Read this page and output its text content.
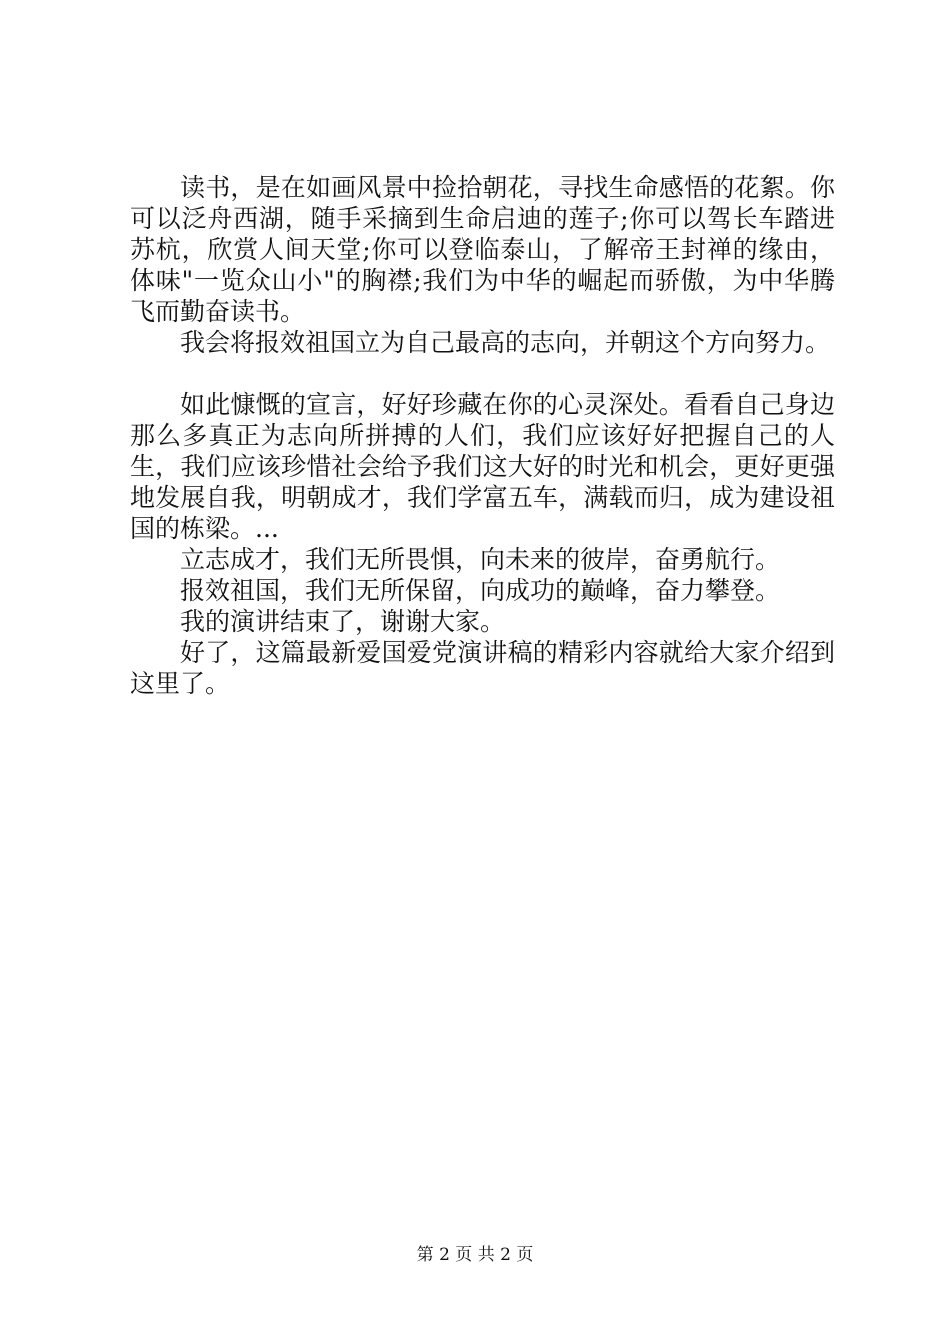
读书，是在如画风景中捡拾朝花，寻找生命感悟的花絮。你可以泛舟西湖，随手采摘到生命启迪的莲子;你可以驾长车踏进苏杭，欣赏人间天堂;你可以登临泰山，了解帝王封禅的缘由，体味"一览众山小"的胸襟;我们为中华的崛起而骄傲，为中华腾飞而勤奋读书。

我会将报效祖国立为自己最高的志向，并朝这个方向努力。

如此慷慨的宣言，好好珍藏在你的心灵深处。看看自己身边那么多真正为志向所拼搏的人们，我们应该好好把握自己的人生，我们应该珍惜社会给予我们这大好的时光和机会，更好更强地发展自我，明朝成才，我们学富五车，满载而归，成为建设祖国的栋梁。...

立志成才，我们无所畏惧，向未来的彼岸，奋勇航行。

报效祖国，我们无所保留，向成功的巅峰，奋力攀登。

我的演讲结束了，谢谢大家。

好了，这篇最新爱国爱党演讲稿的精彩内容就给大家介绍到这里了。

第 2 页 共 2 页
